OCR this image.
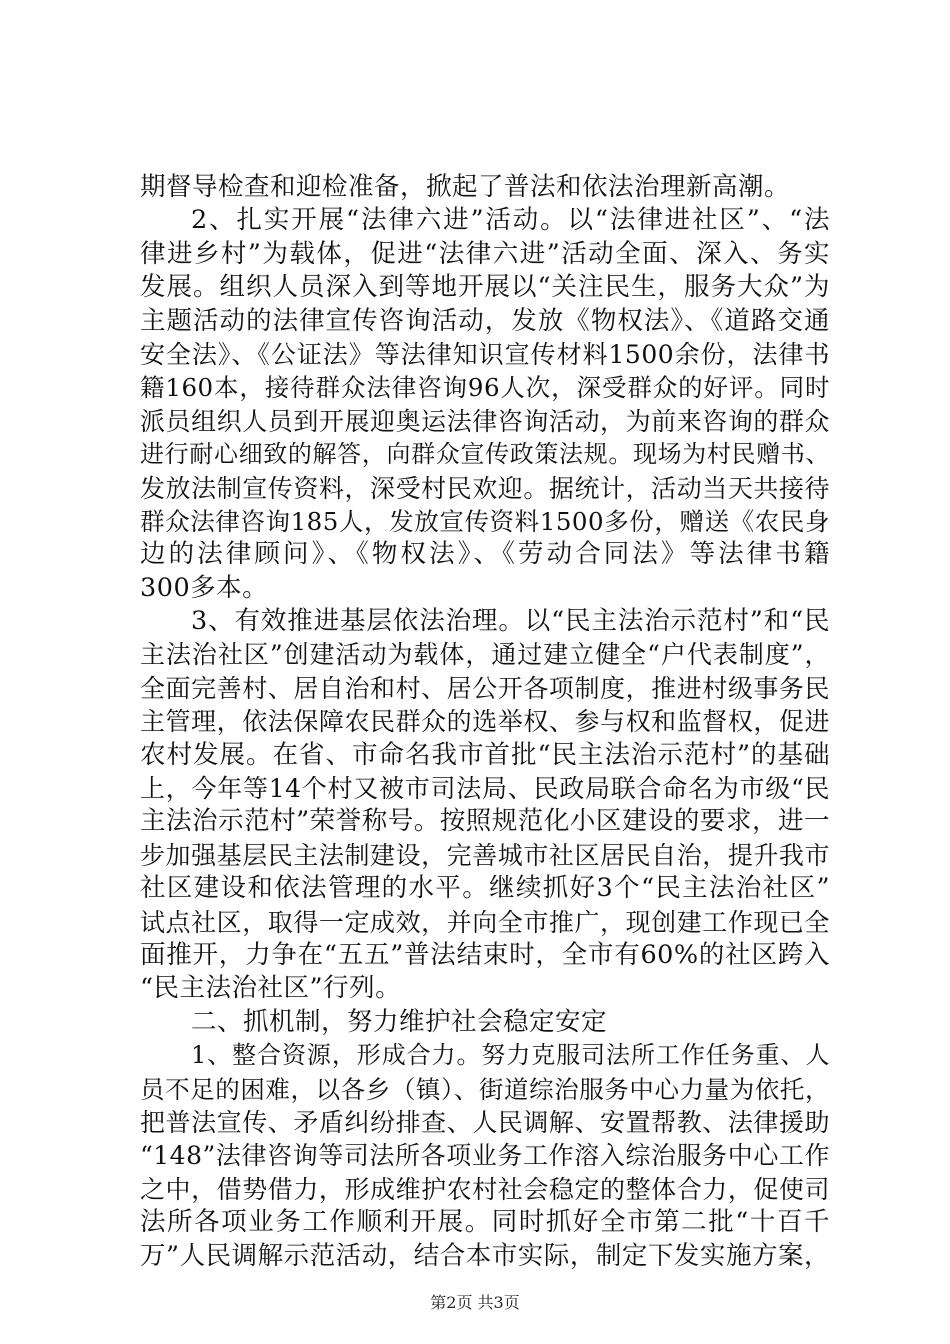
期督导检查和迎检准备，掀起了普法和依法治理新高潮。
2、扎实开展“法律六进”活动。以“法律进社区”、“法
律进乡村”为载体，促进“法律六进”活动全面、深入、务实
发展。组织人员深入到等地开展以“关注民生，服务大众”为
主题活动的法律宣传咨询活动，发放《物权法》、《道路交通
安全法》、《公证法》等法律知识宣传材料1500余份，法律书
籍160本，接待群众法律咨询96人次，深受群众的好评。同时
派员组织人员到开展迎奥运法律咨询活动，为前来咨询的群众
进行耐心细致的解答，向群众宣传政策法规。现场为村民赠书、
发放法制宣传资料，深受村民欢迎。据统计，活动当天共接待
群众法律咨询185人，发放宣传资料1500多份，赠送《农民身
边的法律顾问》、《物权法》、《劳动合同法》等法律书籍
300多本。
3、有效推进基层依法治理。以“民主法治示范村”和“民
主法治社区”创建活动为载体，通过建立健全“户代表制度”，
全面完善村、居自治和村、居公开各项制度，推进村级事务民
主管理，依法保障农民群众的选举权、参与权和监督权，促进
农村发展。在省、市命名我市首批“民主法治示范村”的基础
上，今年等14个村又被市司法局、民政局联合命名为市级“民
主法治示范村”荣誉称号。按照规范化小区建设的要求，进一
步加强基层民主法制建设，完善城市社区居民自治，提升我市
社区建设和依法管理的水平。继续抓好3个“民主法治社区”
试点社区，取得一定成效，并向全市推广，现创建工作现已全
面推开，力争在“五五”普法结束时，全市有60%的社区跨入
“民主法治社区”行列。
二、抓机制，努力维护社会稳定安定
1、整合资源，形成合力。努力克服司法所工作任务重、人
员不足的困难，以各乡（镇）、街道综治服务中心力量为依托，
把普法宣传、矛盾纠纷排查、人民调解、安置帮教、法律援助
“148”法律咨询等司法所各项业务工作溶入综治服务中心工作
之中，借势借力，形成维护农村社会稳定的整体合力，促使司
法所各项业务工作顺利开展。同时抓好全市第二批“十百千
万”人民调解示范活动，结合本市实际，制定下发实施方案，
第2页 共3页
